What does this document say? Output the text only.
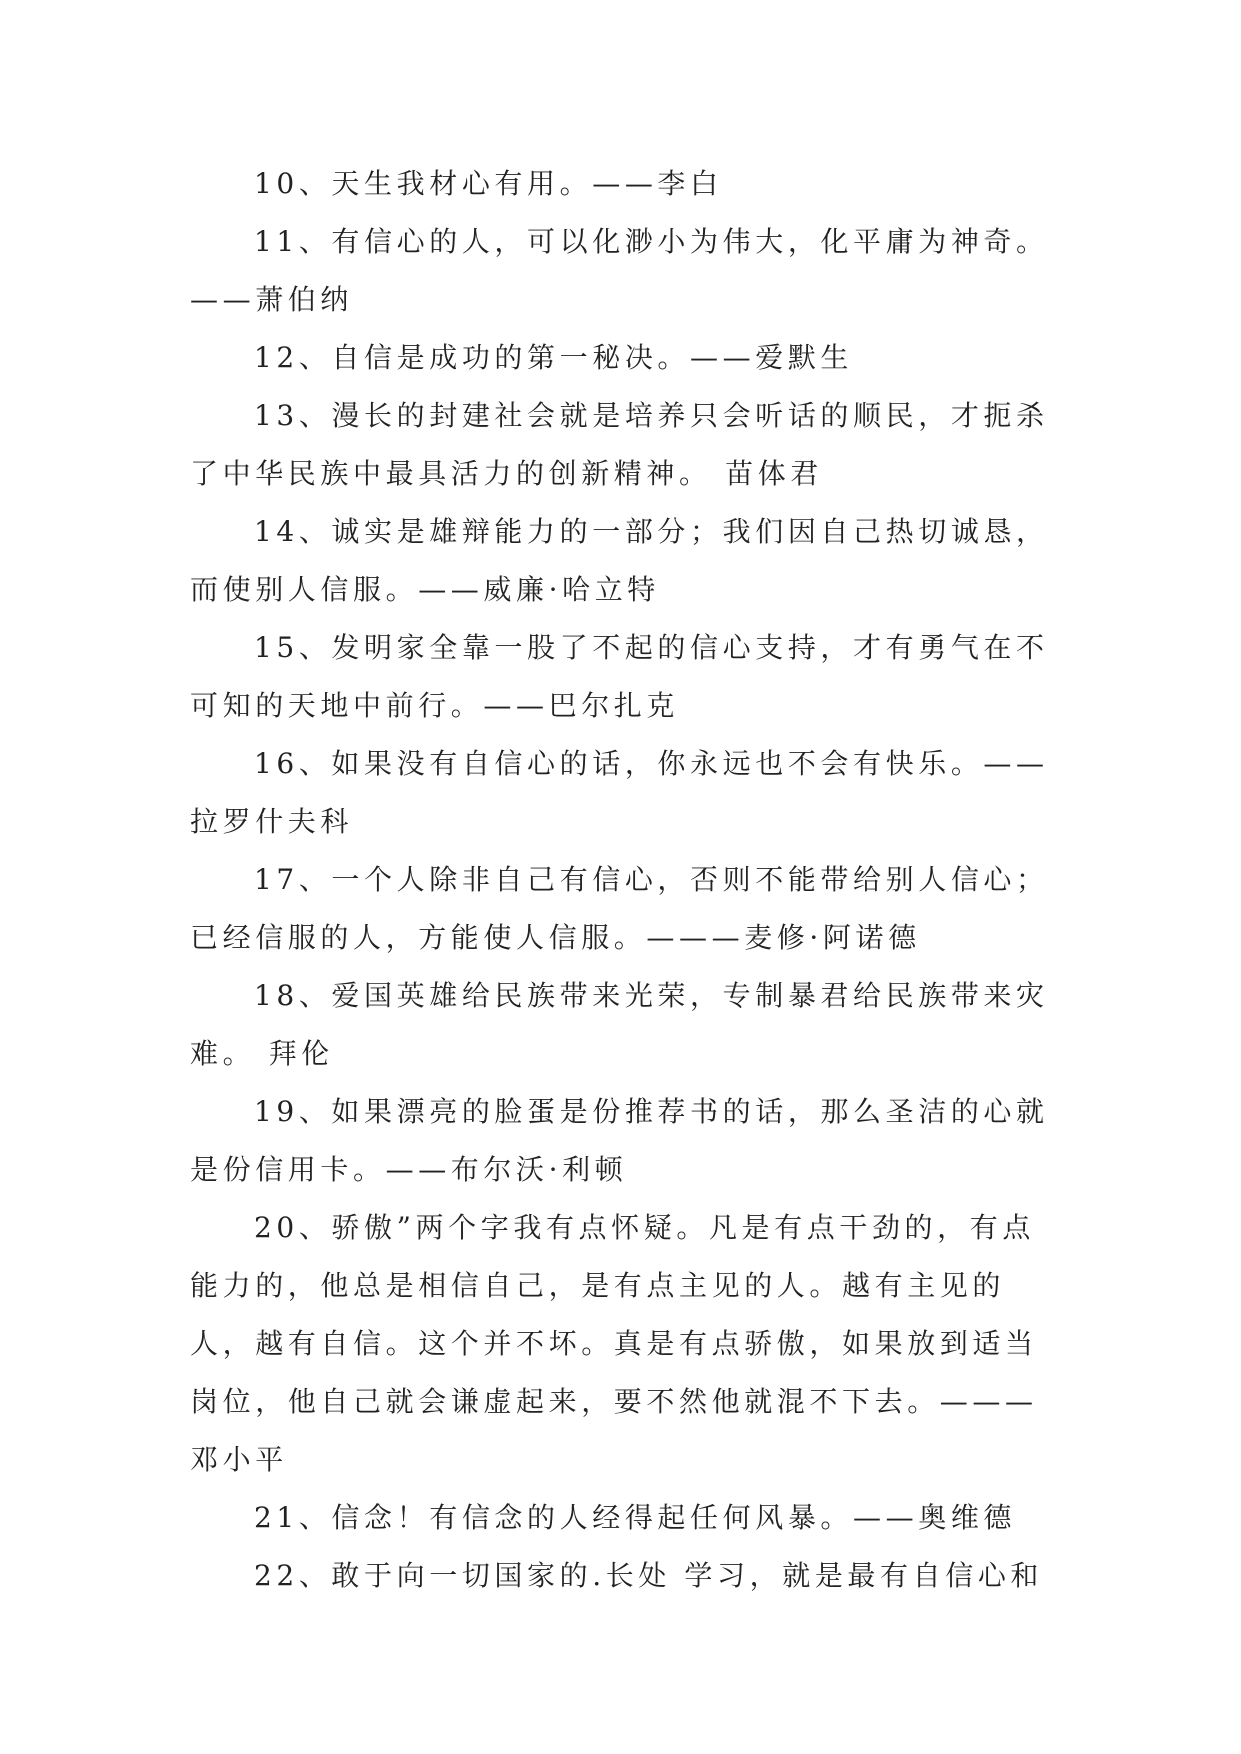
10、天生我材心有用。——李白

11、有信心的人，可以化渺小为伟大，化平庸为神奇。——萧伯纳

12、自信是成功的第一秘决。——爱默生

13、漫长的封建社会就是培养只会听话的顺民，才扼杀了中华民族中最具活力的创新精神。 苗体君

14、诚实是雄辩能力的一部分；我们因自己热切诚恳，而使别人信服。——威廉·哈立特

15、发明家全靠一股了不起的信心支持，才有勇气在不可知的天地中前行。——巴尔扎克

16、如果没有自信心的话，你永远也不会有快乐。——拉罗什夫科

17、一个人除非自己有信心，否则不能带给别人信心；已经信服的人，方能使人信服。———麦修·阿诺德

18、爱国英雄给民族带来光荣，专制暴君给民族带来灾难。 拜伦

19、如果漂亮的脸蛋是份推荐书的话，那么圣洁的心就是份信用卡。——布尔沃·利顿

20、骄傲”两个字我有点怀疑。凡是有点干劲的，有点能力的，他总是相信自己，是有点主见的人。越有主见的人，越有自信。这个并不坏。真是有点骄傲，如果放到适当岗位，他自己就会谦虚起来，要不然他就混不下去。———邓小平

21、信念！有信念的人经得起任何风暴。——奥维德

22、敢于向一切国家的.长处 学习，就是最有自信心和
